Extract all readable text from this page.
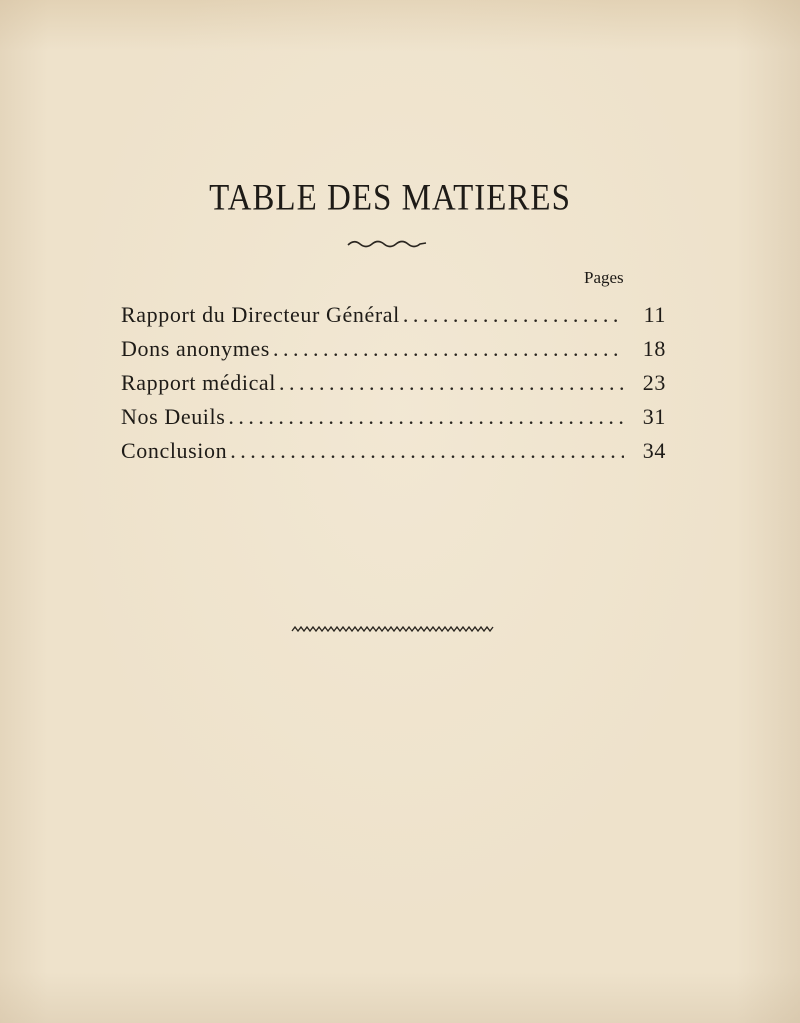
TABLE DES MATIERES
Pages
Rapport du Directeur Général . . .	11
Dons anonymes . . .	18
Rapport médical . . .	23
Nos Deuils . . .	31
Conclusion . . .	34
